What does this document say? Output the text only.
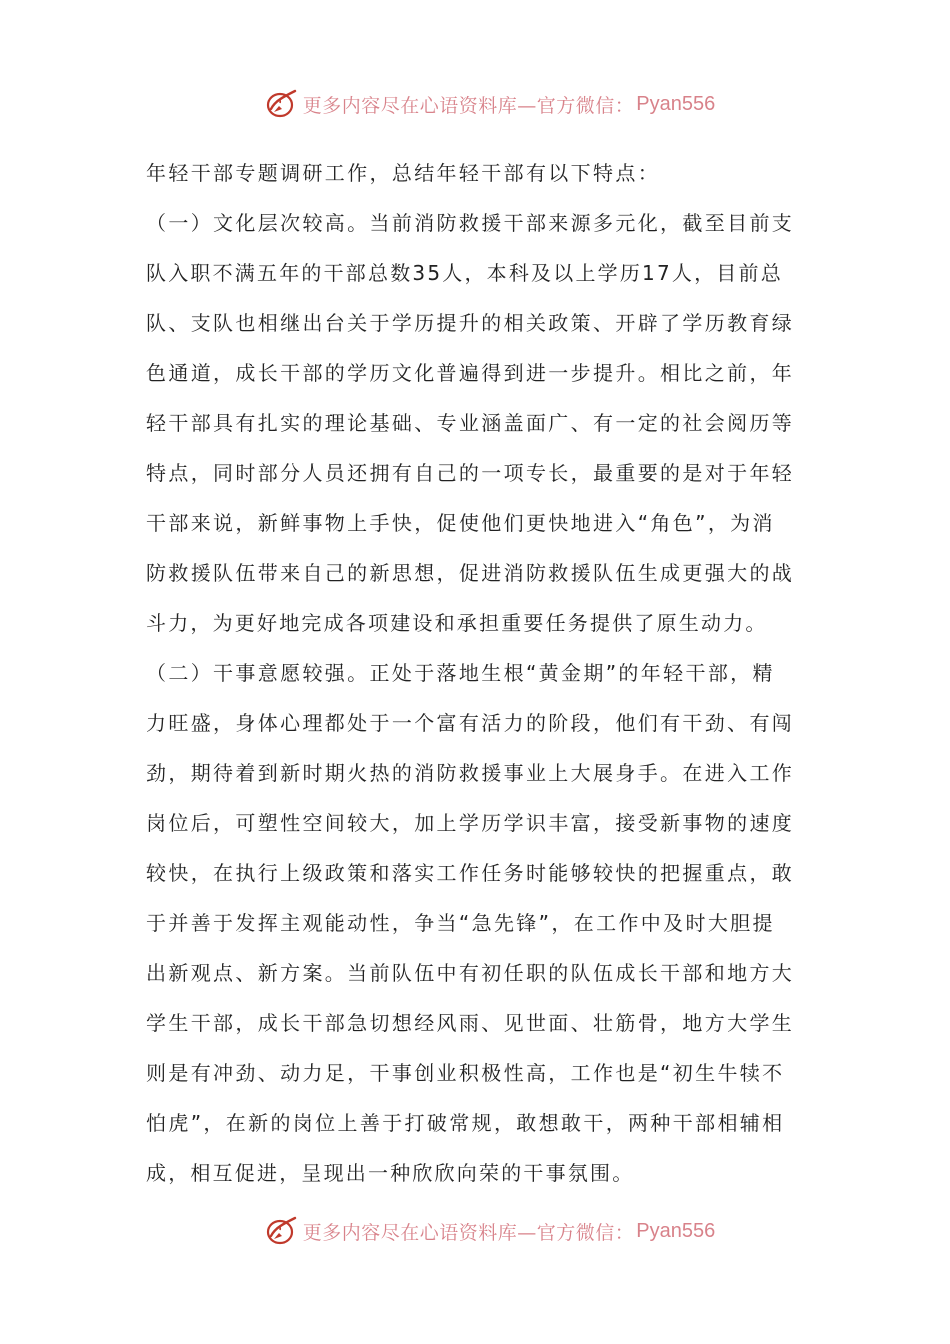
更多内容尽在心语资料库—官方微信： Pyan556
年轻干部专题调研工作，总结年轻干部有以下特点：
（一）文化层次较高。当前消防救援干部来源多元化，截至目前支
队入职不满五年的干部总数35人，本科及以上学历17人，目前总
队、支队也相继出台关于学历提升的相关政策、开辟了学历教育绿
色通道，成长干部的学历文化普遍得到进一步提升。相比之前，年
轻干部具有扎实的理论基础、专业涵盖面广、有一定的社会阅历等
特点，同时部分人员还拥有自己的一项专长，最重要的是对于年轻
干部来说，新鲜事物上手快，促使他们更快地进入“角色”，为消
防救援队伍带来自己的新思想，促进消防救援队伍生成更强大的战
斗力，为更好地完成各项建设和承担重要任务提供了原生动力。
（二）干事意愿较强。正处于落地生根“黄金期”的年轻干部，精
力旺盛，身体心理都处于一个富有活力的阶段，他们有干劲、有闯
劲，期待着到新时期火热的消防救援事业上大展身手。在进入工作
岗位后，可塑性空间较大，加上学历学识丰富，接受新事物的速度
较快，在执行上级政策和落实工作任务时能够较快的把握重点，敢
于并善于发挥主观能动性，争当“急先锋”，在工作中及时大胆提
出新观点、新方案。当前队伍中有初任职的队伍成长干部和地方大
学生干部，成长干部急切想经风雨、见世面、壮筋骨，地方大学生
则是有冲劲、动力足，干事创业积极性高，工作也是“初生牛犊不
怕虎”，在新的岗位上善于打破常规，敢想敢干，两种干部相辅相
成，相互促进，呈现出一种欣欣向荣的干事氛围。
更多内容尽在心语资料库—官方微信： Pyan556
